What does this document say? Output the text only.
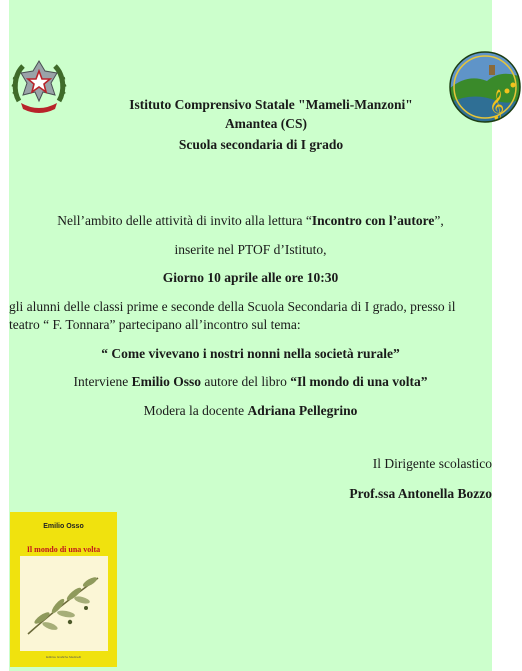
𝄞
Istituto Comprensivo Statale "Mameli-Manzoni"
Amantea (CS)
Scuola secondaria di I grado
Nell’ambito delle attività di invito alla lettura “Incontro con l’autore”,
inserite nel PTOF d’Istituto,
Giorno 10 aprile alle ore 10:30
gli alunni delle classi prime e seconde della Scuola Secondaria di I grado, presso il teatro “ F. Tonnara” partecipano all’incontro sul tema:
“ Come vivevano i nostri nonni nella società rurale”
Interviene Emilio Osso autore del libro “Il mondo di una volta”
Modera la docente Adriana Pellegrino
Il Dirigente scolastico
Prof.ssa Antonella Bozzo
Emilio Osso
Il mondo di una volta
Editrice Grafiche Medinelli
